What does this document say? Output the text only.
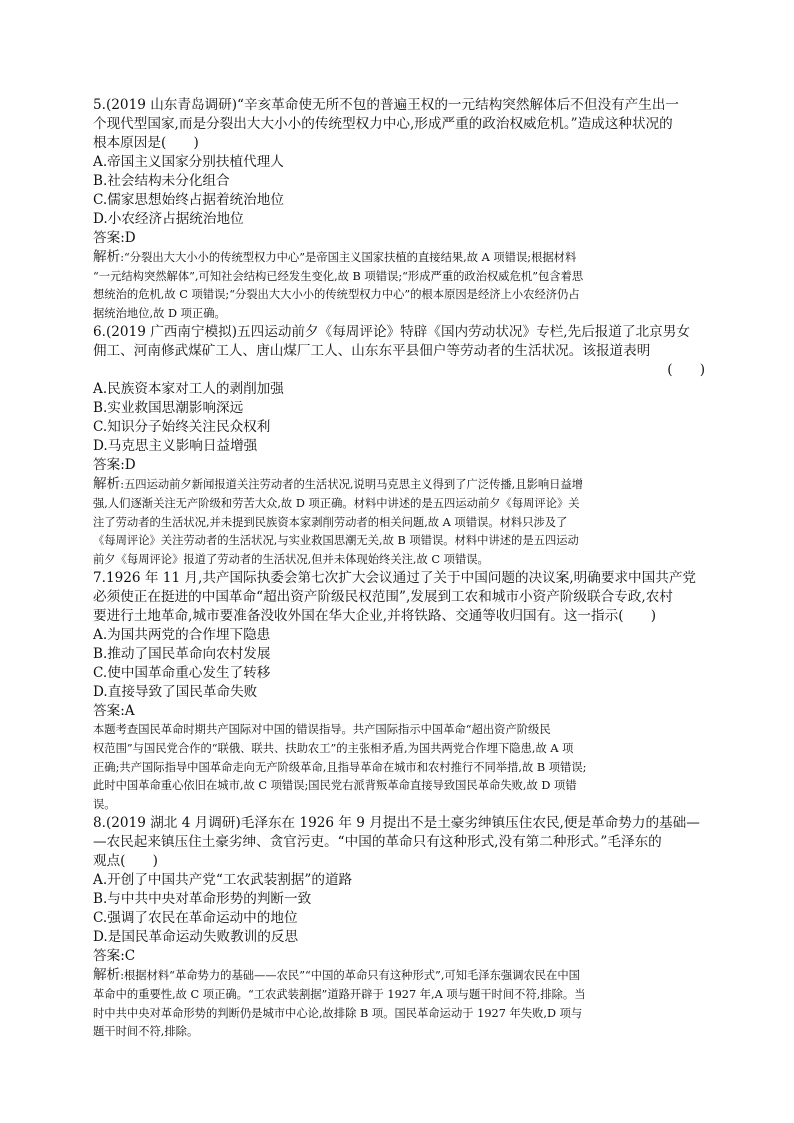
5.(2019 山东青岛调研)“辛亥革命使无所不包的普遍王权的一元结构突然解体后不但没有产生出一
个现代型国家,而是分裂出大大小小的传统型权力中心,形成严重的政治权威危机。”造成这种状况的
根本原因是(　　)
A.帝国主义国家分别扶植代理人
B.社会结构未分化组合
C.儒家思想始终占据着统治地位
D.小农经济占据统治地位
答案:D
解析:“分裂出大大小小的传统型权力中心”是帝国主义国家扶植的直接结果,故 A 项错误;根据材料
“一元结构突然解体”,可知社会结构已经发生变化,故 B 项错误;“形成严重的政治权威危机”包含着思
想统治的危机,故 C 项错误;“分裂出大大小小的传统型权力中心”的根本原因是经济上小农经济仍占
据统治地位,故 D 项正确。
6.(2019 广西南宁模拟)五四运动前夕《每周评论》特辟《国内劳动状况》专栏,先后报道了北京男女
佣工、河南修武煤矿工人、唐山煤厂工人、山东东平县佃户等劳动者的生活状况。该报道表明
(　　)
A.民族资本家对工人的剥削加强
B.实业救国思潮影响深远
C.知识分子始终关注民众权利
D.马克思主义影响日益增强
答案:D
解析:五四运动前夕新闻报道关注劳动者的生活状况,说明马克思主义得到了广泛传播,且影响日益增
强,人们逐渐关注无产阶级和劳苦大众,故 D 项正确。材料中讲述的是五四运动前夕《每周评论》关
注了劳动者的生活状况,并未提到民族资本家剥削劳动者的相关问题,故 A 项错误。材料只涉及了
《每周评论》关注劳动者的生活状况,与实业救国思潮无关,故 B 项错误。材料中讲述的是五四运动
前夕《每周评论》报道了劳动者的生活状况,但并未体现始终关注,故 C 项错误。
7.1926 年 11 月,共产国际执委会第七次扩大会议通过了关于中国问题的决议案,明确要求中国共产党
必须使正在挺进的中国革命“超出资产阶级民权范围”,发展到工农和城市小资产阶级联合专政,农村
要进行土地革命,城市要准备没收外国在华大企业,并将铁路、交通等收归国有。这一指示(　　)
A.为国共两党的合作埋下隐患
B.推动了国民革命向农村发展
C.使中国革命重心发生了转移
D.直接导致了国民革命失败
答案:A
本题考查国民革命时期共产国际对中国的错误指导。共产国际指示中国革命“超出资产阶级民
权范围”与国民党合作的“联俄、联共、扶助农工”的主张相矛盾,为国共两党合作埋下隐患,故 A 项
正确;共产国际指导中国革命走向无产阶级革命,且指导革命在城市和农村推行不同举措,故 B 项错误;
此时中国革命重心依旧在城市,故 C 项错误;国民党右派背叛革命直接导致国民革命失败,故 D 项错
误。
8.(2019 湖北 4 月调研)毛泽东在 1926 年 9 月提出不是土豪劣绅镇压住农民,便是革命势力的基础—
—农民起来镇压住土豪劣绅、贪官污吏。“中国的革命只有这种形式,没有第二种形式。”毛泽东的
观点(　　)
A.开创了中国共产党“工农武装割据”的道路
B.与中共中央对革命形势的判断一致
C.强调了农民在革命运动中的地位
D.是国民革命运动失败教训的反思
答案:C
解析:根据材料“革命势力的基础——农民”“中国的革命只有这种形式”,可知毛泽东强调农民在中国
革命中的重要性,故 C 项正确。“工农武装割据”道路开辟于 1927 年,A 项与题干时间不符,排除。当
时中共中央对革命形势的判断仍是城市中心论,故排除 B 项。国民革命运动于 1927 年失败,D 项与
题干时间不符,排除。
